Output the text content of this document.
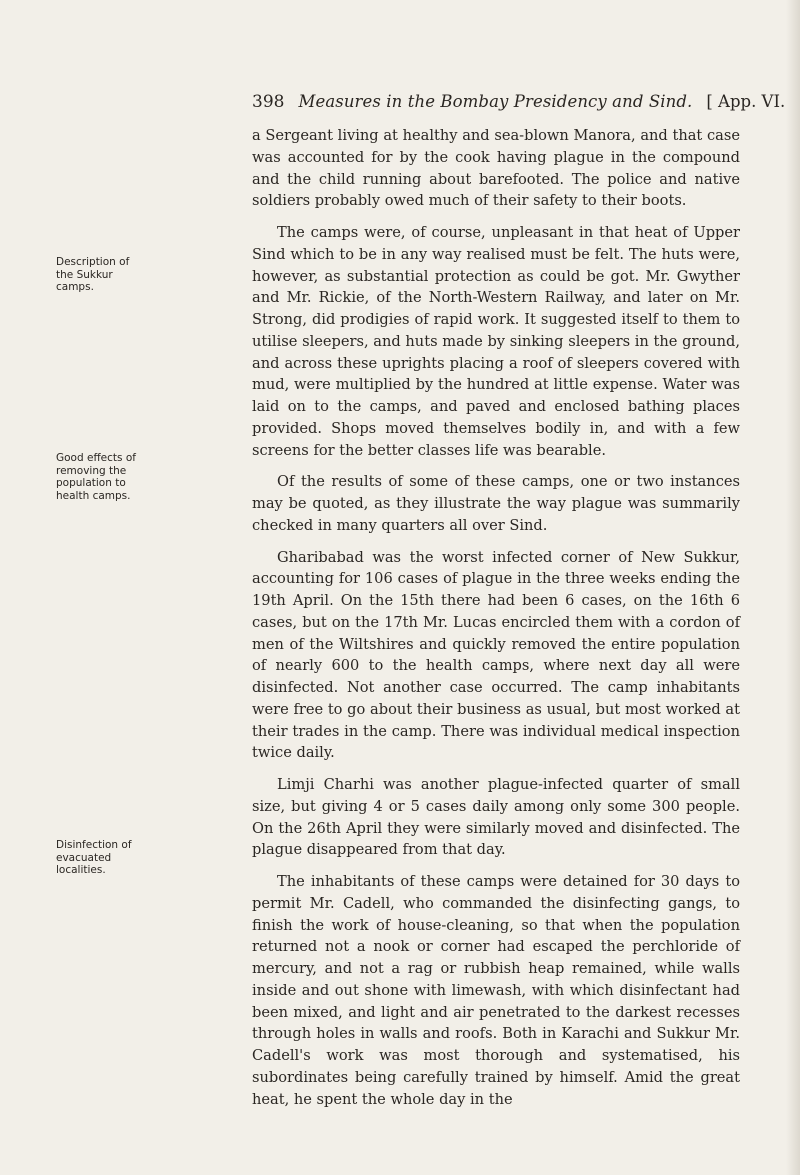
398 Measures in the Bombay Presidency and Sind. [ App. VI.
Description of
the Sukkur
camps.
Good effects of
removing the
population to
health camps.
Disinfection of
evacuated
localities.

a Sergeant living at healthy and sea-blown Manora, and that case was accounted for by the cook having plague in the compound and the child running about barefooted. The police and native soldiers probably owed much of their safety to their boots.

The camps were, of course, unpleasant in that heat of Upper Sind which to be in any way realised must be felt. The huts were, however, as substantial protection as could be got. Mr. Gwyther and Mr. Rickie, of the North-Western Railway, and later on Mr. Strong, did prodigies of rapid work. It suggested itself to them to utilise sleepers, and huts made by sinking sleepers in the ground, and across these uprights placing a roof of sleepers covered with mud, were multiplied by the hundred at little expense. Water was laid on to the camps, and paved and enclosed bathing places provided. Shops moved themselves bodily in, and with a few screens for the better classes life was bearable.

Of the results of some of these camps, one or two instances may be quoted, as they illustrate the way plague was summarily checked in many quarters all over Sind.

Gharibabad was the worst infected corner of New Sukkur, accounting for 106 cases of plague in the three weeks ending the 19th April. On the 15th there had been 6 cases, on the 16th 6 cases, but on the 17th Mr. Lucas encircled them with a cordon of men of the Wiltshires and quickly removed the entire population of nearly 600 to the health camps, where next day all were disinfected. Not another case occurred. The camp inhabitants were free to go about their business as usual, but most worked at their trades in the camp. There was individual medical inspection twice daily.

Limji Charhi was another plague-infected quarter of small size, but giving 4 or 5 cases daily among only some 300 people. On the 26th April they were similarly moved and disinfected. The plague disappeared from that day.

The inhabitants of these camps were detained for 30 days to permit Mr. Cadell, who commanded the disinfecting gangs, to finish the work of house-cleaning, so that when the population returned not a nook or corner had escaped the perchloride of mercury, and not a rag or rubbish heap remained, while walls inside and out shone with limewash, with which disinfectant had been mixed, and light and air penetrated to the darkest recesses through holes in walls and roofs. Both in Karachi and Sukkur Mr. Cadell's work was most thorough and systematised, his subordinates being carefully trained by himself. Amid the great heat, he spent the whole day in the
